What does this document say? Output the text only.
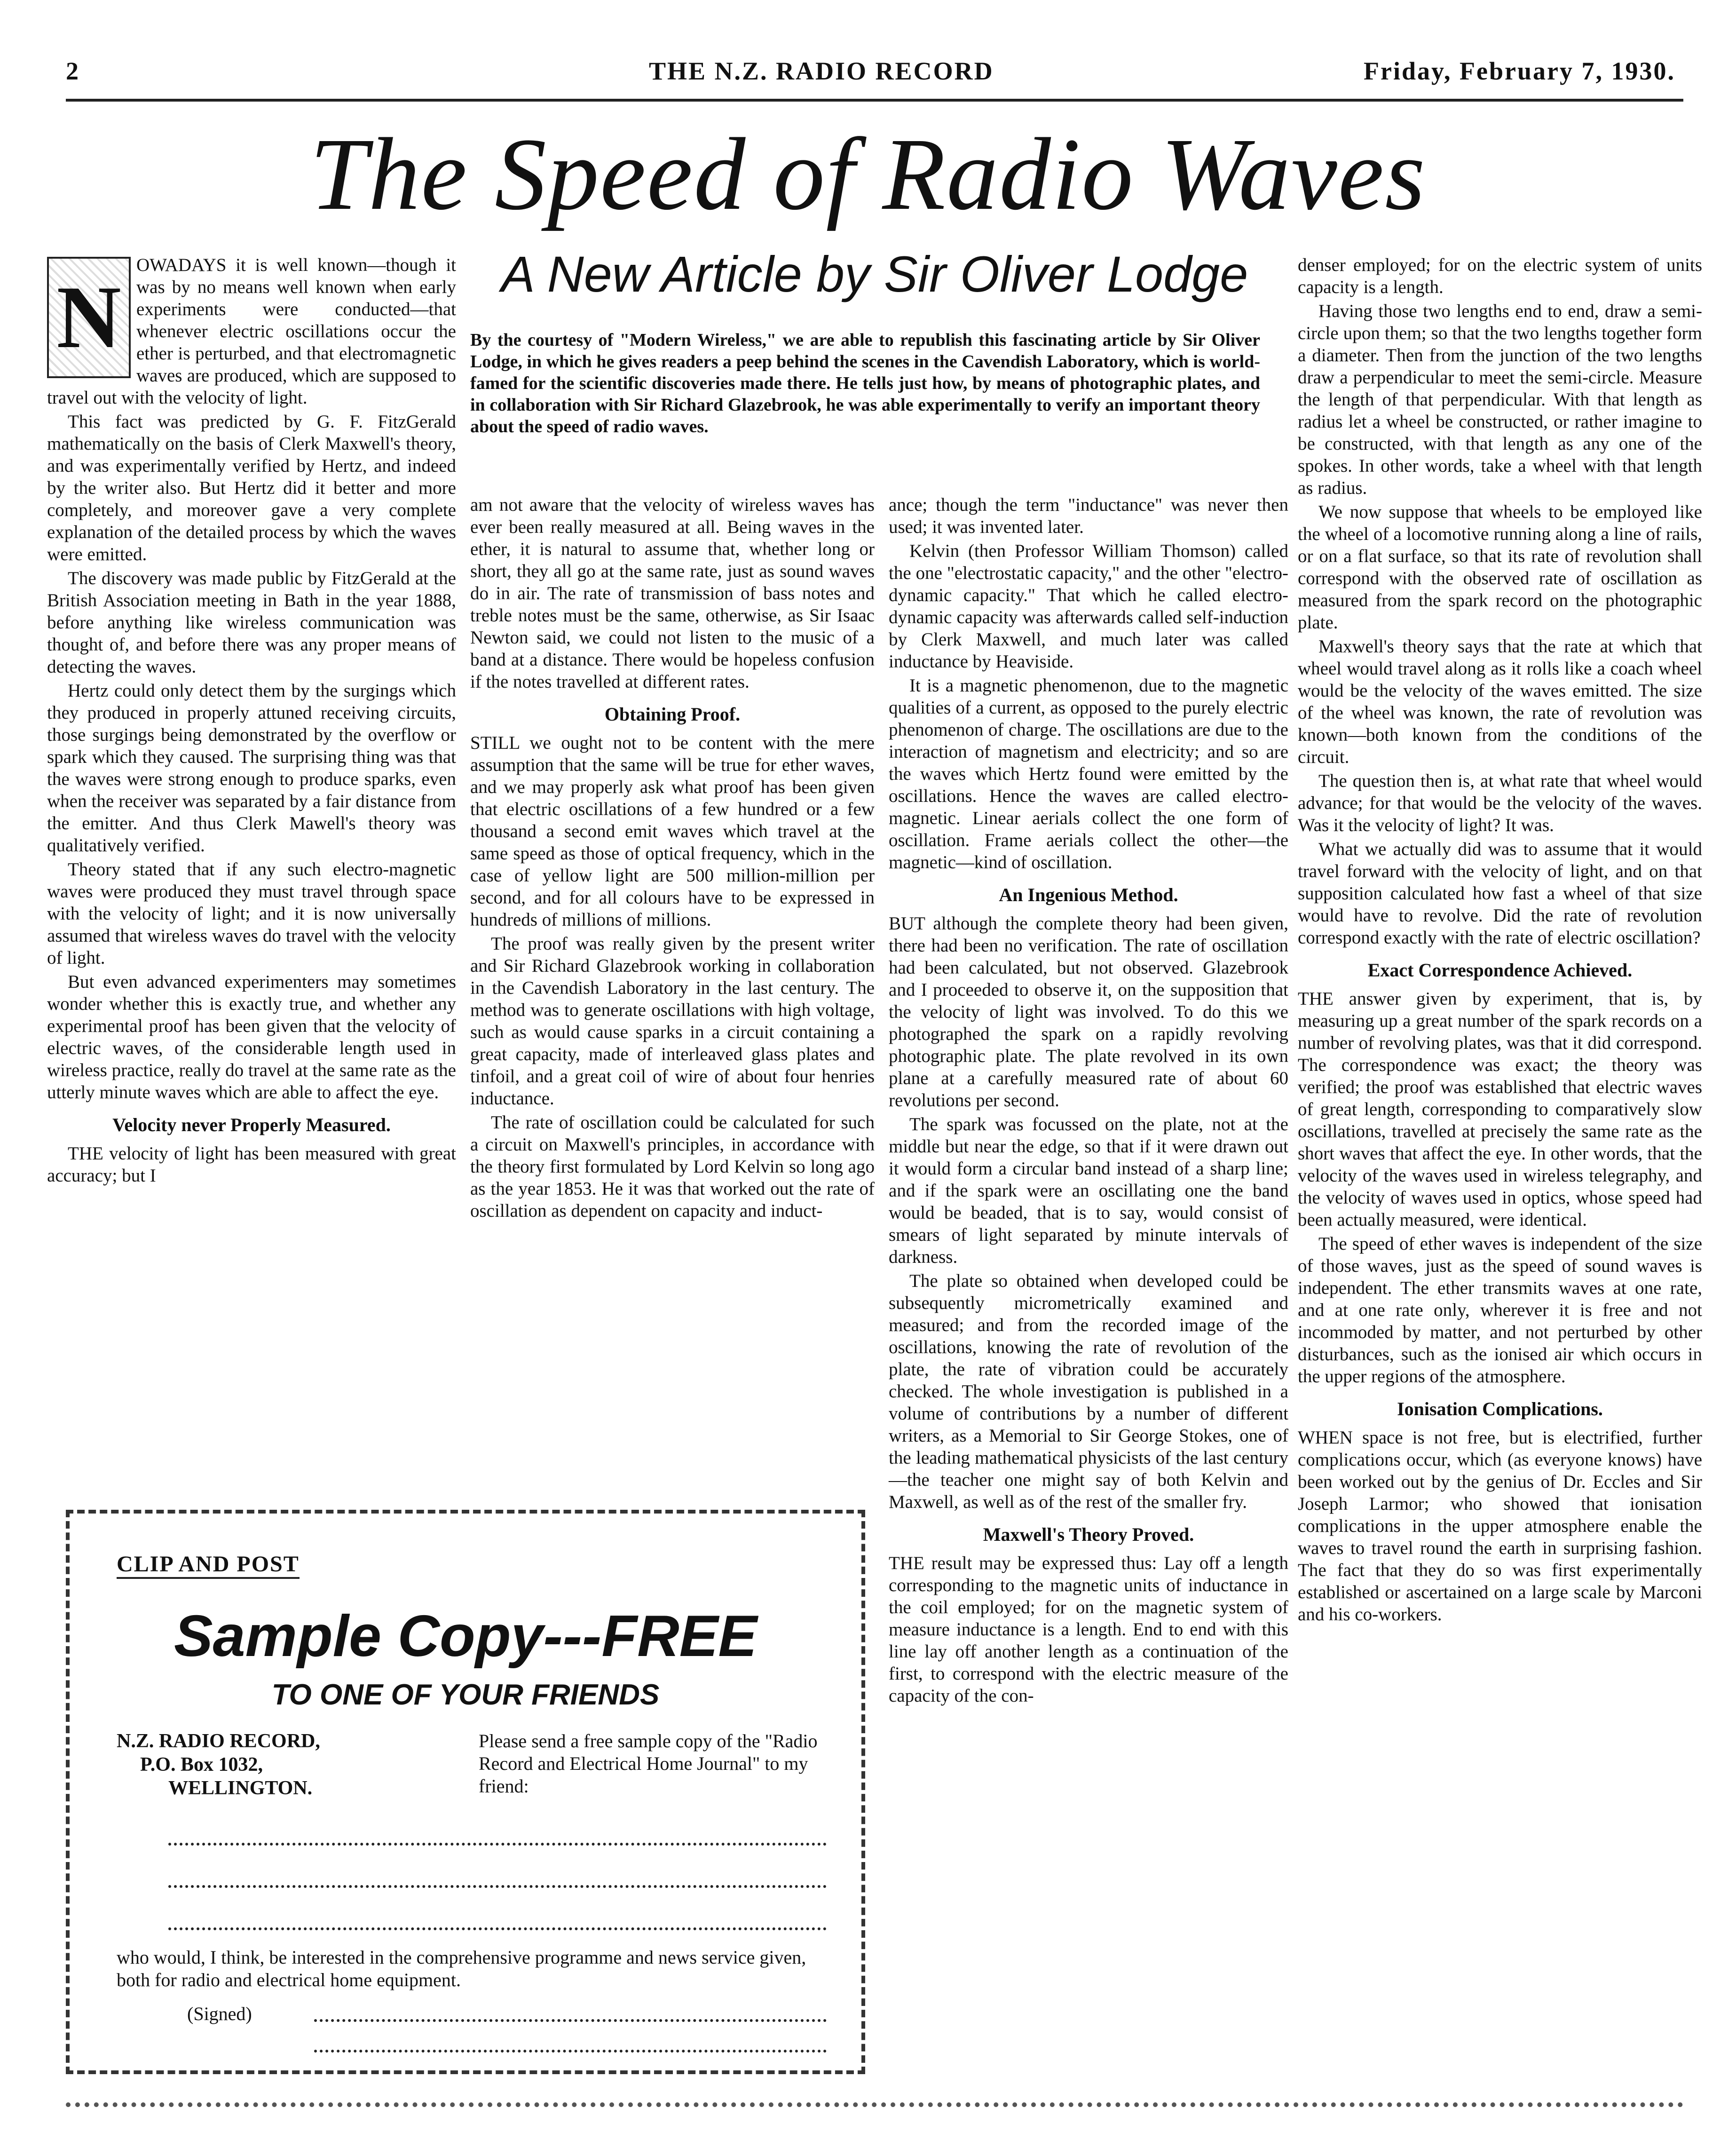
2	THE N.Z. RADIO RECORD	Friday, February 7, 1930.
The Speed of Radio Waves
A New Article by Sir Oliver Lodge
By the courtesy of "Modern Wireless," we are able to republish this fascinating article by Sir Oliver Lodge, in which he gives readers a peep behind the scenes in the Cavendish Laboratory, which is world-famed for the scientific discoveries made there. He tells just how, by means of photographic plates, and in collaboration with Sir Richard Glazebrook, he was able experimentally to verify an important theory about the speed of radio waves.
N

OWADAYS it is well known—though it was by no means well known when early experiments were conducted—that whenever electric oscillations occur the ether is perturbed, and that electromagnetic waves are produced, which are supposed to travel out with the velocity of light.

This fact was predicted by G. F. FitzGerald mathematically on the basis of Clerk Maxwell's theory, and was experimentally verified by Hertz, and indeed by the writer also. But Hertz did it better and more completely, and moreover gave a very complete explanation of the detailed process by which the waves were emitted.

The discovery was made public by FitzGerald at the British Association meeting in Bath in the year 1888, before anything like wireless communication was thought of, and before there was any proper means of detecting the waves.

Hertz could only detect them by the surgings which they produced in properly attuned receiving circuits, those surgings being demonstrated by the overflow or spark which they caused. The surprising thing was that the waves were strong enough to produce sparks, even when the receiver was separated by a fair distance from the emitter. And thus Clerk Mawell's theory was qualitatively verified.

Theory stated that if any such electro-magnetic waves were produced they must travel through space with the velocity of light; and it is now universally assumed that wireless waves do travel with the velocity of light.

But even advanced experimenters may sometimes wonder whether this is exactly true, and whether any experimental proof has been given that the velocity of electric waves, of the considerable length used in wireless practice, really do travel at the same rate as the utterly minute waves which are able to affect the eye.

Velocity never Properly Measured.

THE velocity of light has been measured with great accuracy; but I

am not aware that the velocity of wireless waves has ever been really measured at all. Being waves in the ether, it is natural to assume that, whether long or short, they all go at the same rate, just as sound waves do in air. The rate of transmission of bass notes and treble notes must be the same, otherwise, as Sir Isaac Newton said, we could not listen to the music of a band at a distance. There would be hopeless confusion if the notes travelled at different rates.

Obtaining Proof.

STILL we ought not to be content with the mere assumption that the same will be true for ether waves, and we may properly ask what proof has been given that electric oscillations of a few hundred or a few thousand a second emit waves which travel at the same speed as those of optical frequency, which in the case of yellow light are 500 million-million per second, and for all colours have to be expressed in hundreds of millions of millions.

The proof was really given by the present writer and Sir Richard Glazebrook working in collaboration in the Cavendish Laboratory in the last century. The method was to generate oscillations with high voltage, such as would cause sparks in a circuit containing a great capacity, made of interleaved glass plates and tinfoil, and a great coil of wire of about four henries inductance.

The rate of oscillation could be calculated for such a circuit on Maxwell's principles, in accordance with the theory first formulated by Lord Kelvin so long ago as the year 1853. He it was that worked out the rate of oscillation as dependent on capacity and induct-

ance; though the term "inductance" was never then used; it was invented later.

Kelvin (then Professor William Thomson) called the one "electrostatic capacity," and the other "electro-dynamic capacity." That which he called electro-dynamic capacity was afterwards called self-induction by Clerk Maxwell, and much later was called inductance by Heaviside.

It is a magnetic phenomenon, due to the magnetic qualities of a current, as opposed to the purely electric phenomenon of charge. The oscillations are due to the interaction of magnetism and electricity; and so are the waves which Hertz found were emitted by the oscillations. Hence the waves are called electro-magnetic. Linear aerials collect the one form of oscillation. Frame aerials collect the other—the magnetic—kind of oscillation.

An Ingenious Method.

BUT although the complete theory had been given, there had been no verification. The rate of oscillation had been calculated, but not observed. Glazebrook and I proceeded to observe it, on the supposition that the velocity of light was involved. To do this we photographed the spark on a rapidly revolving photographic plate. The plate revolved in its own plane at a carefully measured rate of about 60 revolutions per second.

The spark was focussed on the plate, not at the middle but near the edge, so that if it were drawn out it would form a circular band instead of a sharp line; and if the spark were an oscillating one the band would be beaded, that is to say, would consist of smears of light separated by minute intervals of darkness.

The plate so obtained when developed could be subsequently micrometrically examined and measured; and from the recorded image of the oscillations, knowing the rate of revolution of the plate, the rate of vibration could be accurately checked. The whole investigation is published in a volume of contributions by a number of different writers, as a Memorial to Sir George Stokes, one of the leading mathematical physicists of the last century—the teacher one might say of both Kelvin and Maxwell, as well as of the rest of the smaller fry.

Maxwell's Theory Proved.

THE result may be expressed thus: Lay off a length corresponding to the magnetic units of inductance in the coil employed; for on the magnetic system of measure inductance is a length. End to end with this line lay off another length as a continuation of the first, to correspond with the electric measure of the capacity of the con-

denser employed; for on the electric system of units capacity is a length.

Having those two lengths end to end, draw a semi-circle upon them; so that the two lengths together form a diameter. Then from the junction of the two lengths draw a perpendicular to meet the semi-circle. Measure the length of that perpendicular. With that length as radius let a wheel be constructed, or rather imagine to be constructed, with that length as any one of the spokes. In other words, take a wheel with that length as radius.

We now suppose that wheels to be employed like the wheel of a locomotive running along a line of rails, or on a flat surface, so that its rate of revolution shall correspond with the observed rate of oscillation as measured from the spark record on the photographic plate.

Maxwell's theory says that the rate at which that wheel would travel along as it rolls like a coach wheel would be the velocity of the waves emitted. The size of the wheel was known, the rate of revolution was known—both known from the conditions of the circuit.

The question then is, at what rate that wheel would advance; for that would be the velocity of the waves. Was it the velocity of light? It was.

What we actually did was to assume that it would travel forward with the velocity of light, and on that supposition calculated how fast a wheel of that size would have to revolve. Did the rate of revolution correspond exactly with the rate of electric oscillation?

Exact Correspondence Achieved.

THE answer given by experiment, that is, by measuring up a great number of the spark records on a number of revolving plates, was that it did correspond. The correspondence was exact; the theory was verified; the proof was established that electric waves of great length, corresponding to comparatively slow oscillations, travelled at precisely the same rate as the short waves that affect the eye. In other words, that the velocity of the waves used in wireless telegraphy, and the velocity of waves used in optics, whose speed had been actually measured, were identical.

The speed of ether waves is independent of the size of those waves, just as the speed of sound waves is independent. The ether transmits waves at one rate, and at one rate only, wherever it is free and not incommoded by matter, and not perturbed by other disturbances, such as the ionised air which occurs in the upper regions of the atmosphere.

Ionisation Complications.

WHEN space is not free, but is electrified, further complications occur, which (as everyone knows) have been worked out by the genius of Dr. Eccles and Sir Joseph Larmor; who showed that ionisation complications in the upper atmosphere enable the waves to travel round the earth in surprising fashion. The fact that they do so was first experimentally established or ascertained on a large scale by Marconi and his co-workers.

CLIP AND POST
Sample Copy---FREE
TO ONE OF YOUR FRIENDS
N.Z. RADIO RECORD,
P.O. Box 1032,
WELLINGTON.
Please send a free sample copy of the "Radio Record and Electrical Home Journal" to my friend:
who would, I think, be interested in the comprehensive programme and news service given, both for radio and electrical home equipment.
(Signed)
